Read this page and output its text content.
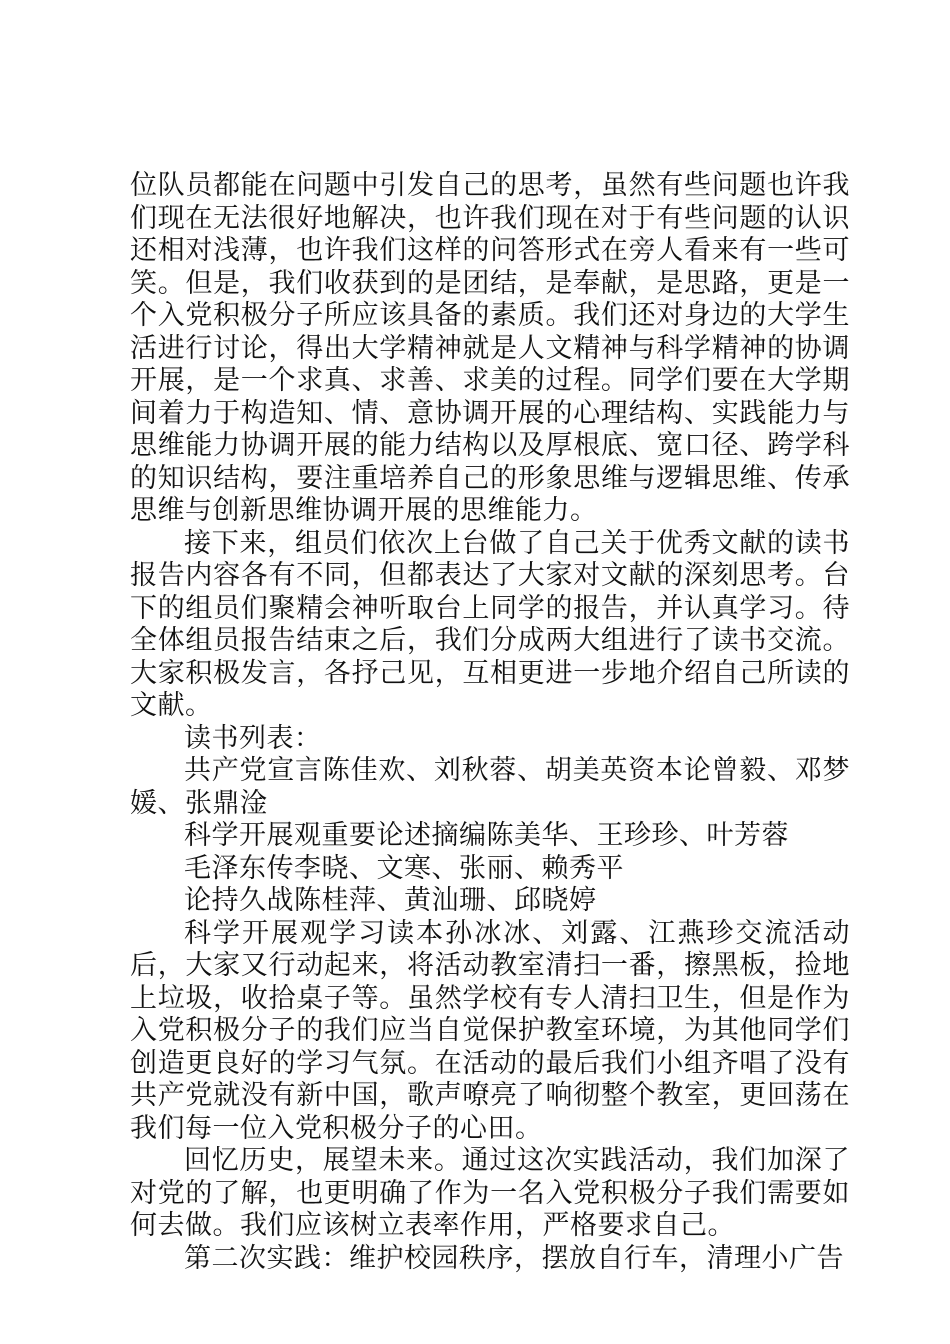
位队员都能在问题中引发自己的思考，虽然有些问题也许我们现在无法很好地解决，也许我们现在对于有些问题的认识还相对浅薄，也许我们这样的问答形式在旁人看来有一些可笑。但是，我们收获到的是团结，是奉献，是思路，更是一个入党积极分子所应该具备的素质。我们还对身边的大学生活进行讨论，得出大学精神就是人文精神与科学精神的协调开展，是一个求真、求善、求美的过程。同学们要在大学期间着力于构造知、情、意协调开展的心理结构、实践能力与思维能力协调开展的能力结构以及厚根底、宽口径、跨学科的知识结构，要注重培养自己的形象思维与逻辑思维、传承思维与创新思维协调开展的思维能力。

接下来，组员们依次上台做了自己关于优秀文献的读书报告内容各有不同，但都表达了大家对文献的深刻思考。台下的组员们聚精会神听取台上同学的报告，并认真学习。待全体组员报告结束之后，我们分成两大组进行了读书交流。大家积极发言，各抒己见，互相更进一步地介绍自己所读的文献。

读书列表：

共产党宣言陈佳欢、刘秋蓉、胡美英资本论曾毅、邓梦媛、张鼎淦

科学开展观重要论述摘编陈美华、王珍珍、叶芳蓉

毛泽东传李晓、文寒、张丽、赖秀平

论持久战陈桂萍、黄汕珊、邱晓婷

科学开展观学习读本孙冰冰、刘露、江燕珍交流活动后，大家又行动起来，将活动教室清扫一番，擦黑板，捡地上垃圾，收拾桌子等。虽然学校有专人清扫卫生，但是作为入党积极分子的我们应当自觉保护教室环境，为其他同学们创造更良好的学习气氛。在活动的最后我们小组齐唱了没有共产党就没有新中国，歌声嘹亮了响彻整个教室，更回荡在我们每一位入党积极分子的心田。

回忆历史，展望未来。通过这次实践活动，我们加深了对党的了解，也更明确了作为一名入党积极分子我们需要如何去做。我们应该树立表率作用，严格要求自己。

第二次实践：维护校园秩序，摆放自行车，清理小广告
